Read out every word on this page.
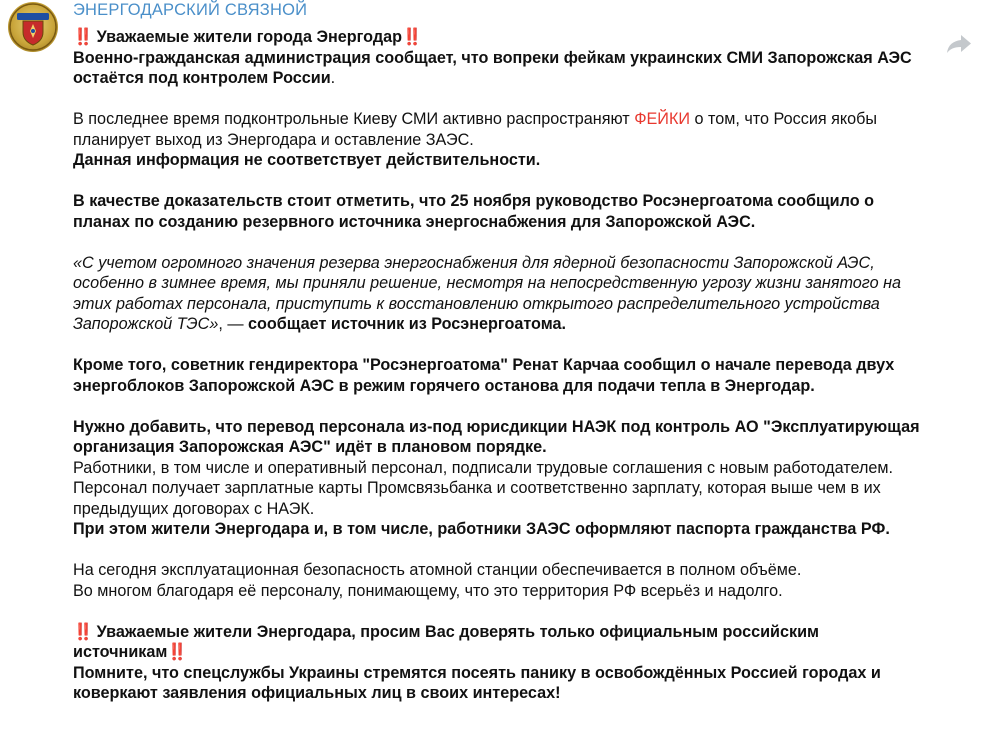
ЭНЕРГОДАРСКИЙ СВЯЗНОЙ

‼️ Уважаемые жители города Энергодар‼️
Военно-гражданская администрация сообщает, что вопреки фейкам украинских СМИ Запорожская АЭС остаётся под контролем России.

В последнее время подконтрольные Киеву СМИ активно распространяют ФЕЙКИ о том, что Россия якобы планирует выход из Энергодара и оставление ЗАЭС.
Данная информация не соответствует действительности.

В качестве доказательств стоит отметить, что 25 ноября руководство Росэнергоатома сообщило о планах по созданию резервного источника энергоснабжения для Запорожской АЭС.

«С учетом огромного значения резерва энергоснабжения для ядерной безопасности Запорожской АЭС, особенно в зимнее время, мы приняли решение, несмотря на непосредственную угрозу жизни занятого на этих работах персонала, приступить к восстановлению открытого распределительного устройства Запорожской ТЭС», — сообщает источник из Росэнергоатома.

Кроме того, советник гендиректора "Росэнергоатома" Ренат Карчаа сообщил о начале перевода двух энергоблоков Запорожской АЭС в режим горячего останова для подачи тепла в Энергодар.

Нужно добавить, что перевод персонала из-под юрисдикции НАЭК под контроль АО "Эксплуатирующая организация Запорожская АЭС" идёт в плановом порядке.
Работники, в том числе и оперативный персонал, подписали трудовые соглашения с новым работодателем.
Персонал получает зарплатные карты Промсвязьбанка и соответственно зарплату, которая выше чем в их предыдущих договорах с НАЭК.
При этом жители Энергодара и, в том числе, работники ЗАЭС оформляют паспорта гражданства РФ.

На сегодня эксплуатационная безопасность атомной станции обеспечивается в полном объёме.
Во многом благодаря её персоналу, понимающему, что это территория РФ всерьёз и надолго.

‼️ Уважаемые жители Энергодара, просим Вас доверять только официальным российским источникам‼️
Помните, что спецслужбы Украины стремятся посеять панику в освобождённых Россией городах и коверкают заявления официальных лиц в своих интересах!
